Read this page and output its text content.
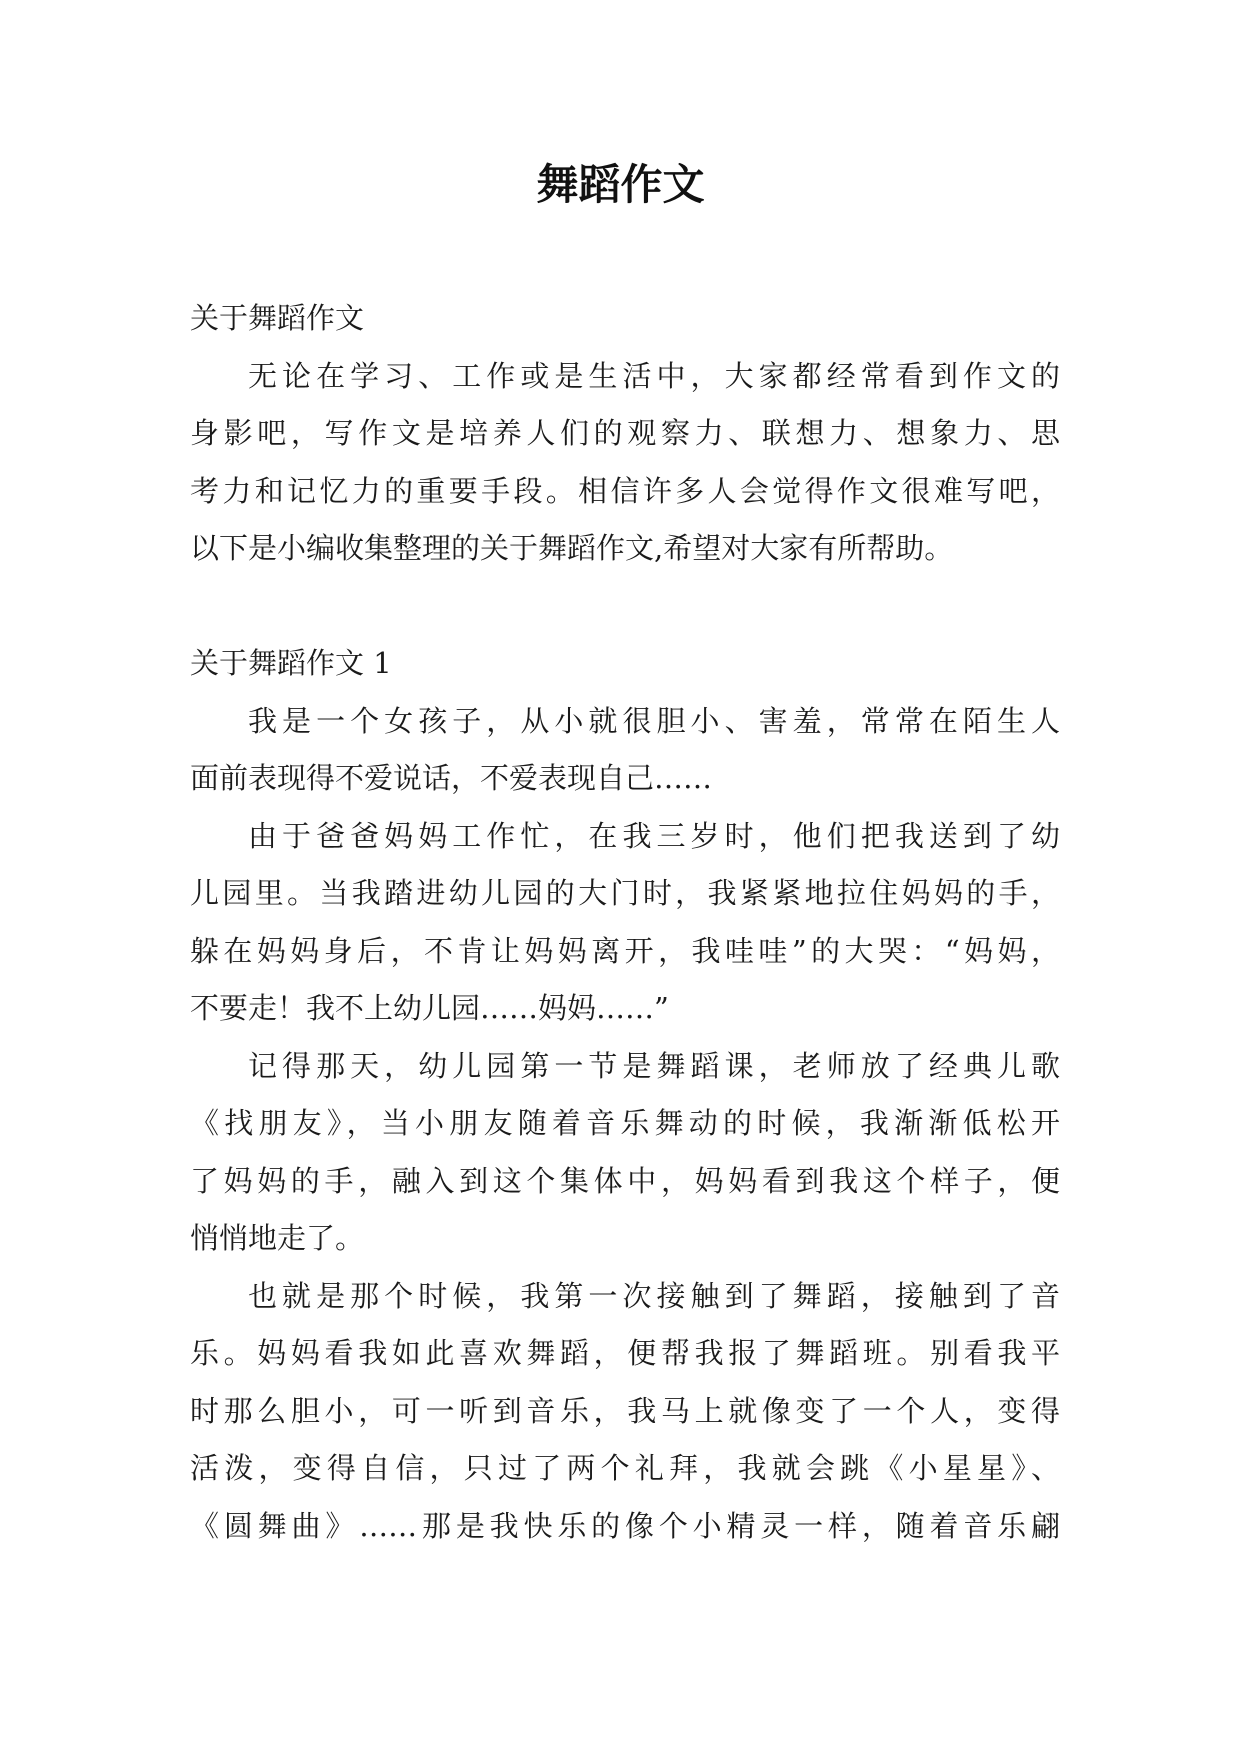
舞蹈作文
关于舞蹈作文
无论在学习、工作或是生活中，大家都经常看到作文的
身影吧，写作文是培养人们的观察力、联想力、想象力、思
考力和记忆力的重要手段。相信许多人会觉得作文很难写吧，
以下是小编收集整理的关于舞蹈作文,希望对大家有所帮助。
关于舞蹈作文 1
我是一个女孩子，从小就很胆小、害羞，常常在陌生人
面前表现得不爱说话，不爱表现自己……
由于爸爸妈妈工作忙，在我三岁时，他们把我送到了幼
儿园里。当我踏进幼儿园的大门时，我紧紧地拉住妈妈的手，
躲在妈妈身后，不肯让妈妈离开，我哇哇”的大哭：“妈妈，
不要走！我不上幼儿园……妈妈……”
记得那天，幼儿园第一节是舞蹈课，老师放了经典儿歌
《找朋友》，当小朋友随着音乐舞动的时候，我渐渐低松开
了妈妈的手，融入到这个集体中，妈妈看到我这个样子，便
悄悄地走了。
也就是那个时候，我第一次接触到了舞蹈，接触到了音
乐。妈妈看我如此喜欢舞蹈，便帮我报了舞蹈班。别看我平
时那么胆小，可一听到音乐，我马上就像变了一个人，变得
活泼，变得自信，只过了两个礼拜，我就会跳《小星星》、
《圆舞曲》……那是我快乐的像个小精灵一样，随着音乐翩
